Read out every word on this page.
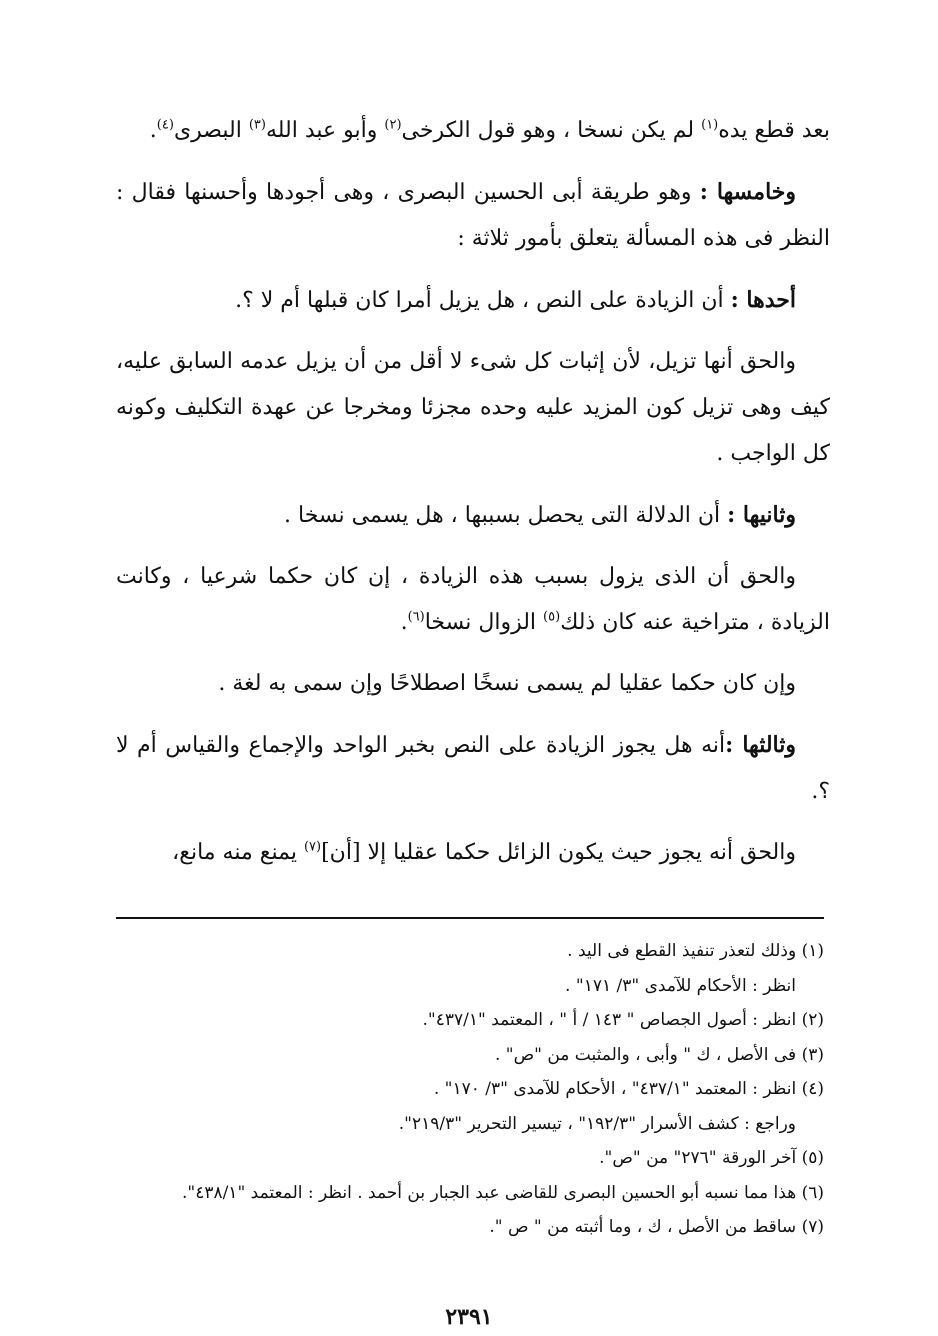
بعد قطع يده$^{(١)}$ لم يكن نسخا ، وهو قول الكرخى$^{(٢)}$ وأبو عبد الله$^{(٣)}$ البصرى$^{(٤)}$.

وخامسها : وهو طريقة أبى الحسين البصرى ، وهى أجودها وأحسنها فقال : النظر فى هذه المسألة يتعلق بأمور ثلاثة :

أحدها : أن الزيادة على النص ، هل يزيل أمرا كان قبلها أم لا ؟.

والحق أنها تزيل، لأن إثبات كل شىء لا أقل من أن يزيل عدمه السابق عليه، كيف وهى تزيل كون المزيد عليه وحده مجزئا ومخرجا عن عهدة التكليف وكونه كل الواجب .

وثانيها : أن الدلالة التى يحصل بسببها ، هل يسمى نسخا .

والحق أن الذى يزول بسبب هذه الزيادة ، إن كان حكما شرعيا ، وكانت الزيادة ، متراخية عنه كان ذلك$^{(٥)}$ الزوال نسخا$^{(٦)}$.

وإن كان حكما عقليا لم يسمى نسخًا اصطلاحًا وإن سمى به لغة .

وثالثها :أنه هل يجوز الزيادة على النص بخبر الواحد والإجماع والقياس أم لا ؟.

والحق أنه يجوز حيث يكون الزائل حكما عقليا إلا [أن]$^{(٧)}$ يمنع منه مانع،

(١) وذلك لتعذر تنفيذ القطع فى اليد .

انظر : الأحكام للآمدى "٣/ ١٧١" .

(٢) انظر : أصول الجصاص " ١٤٣ / أ " ، المعتمد "٤٣٧/١".

(٣) فى الأصل ، ك " وأبى ، والمثبت من "ص" .

(٤) انظر : المعتمد "٤٣٧/١" ، الأحكام للآمدى "٣/ ١٧٠" .

وراجع : كشف الأسرار "١٩٢/٣" ، تيسير التحرير "٢١٩/٣".

(٥) آخر الورقة "٢٧٦" من "ص".

(٦) هذا مما نسبه أبو الحسين البصرى للقاضى عبد الجبار بن أحمد . انظر : المعتمد "٤٣٨/١".

(٧) ساقط من الأصل ، ك ، وما أثبته من " ص ".

٢٣٩١
